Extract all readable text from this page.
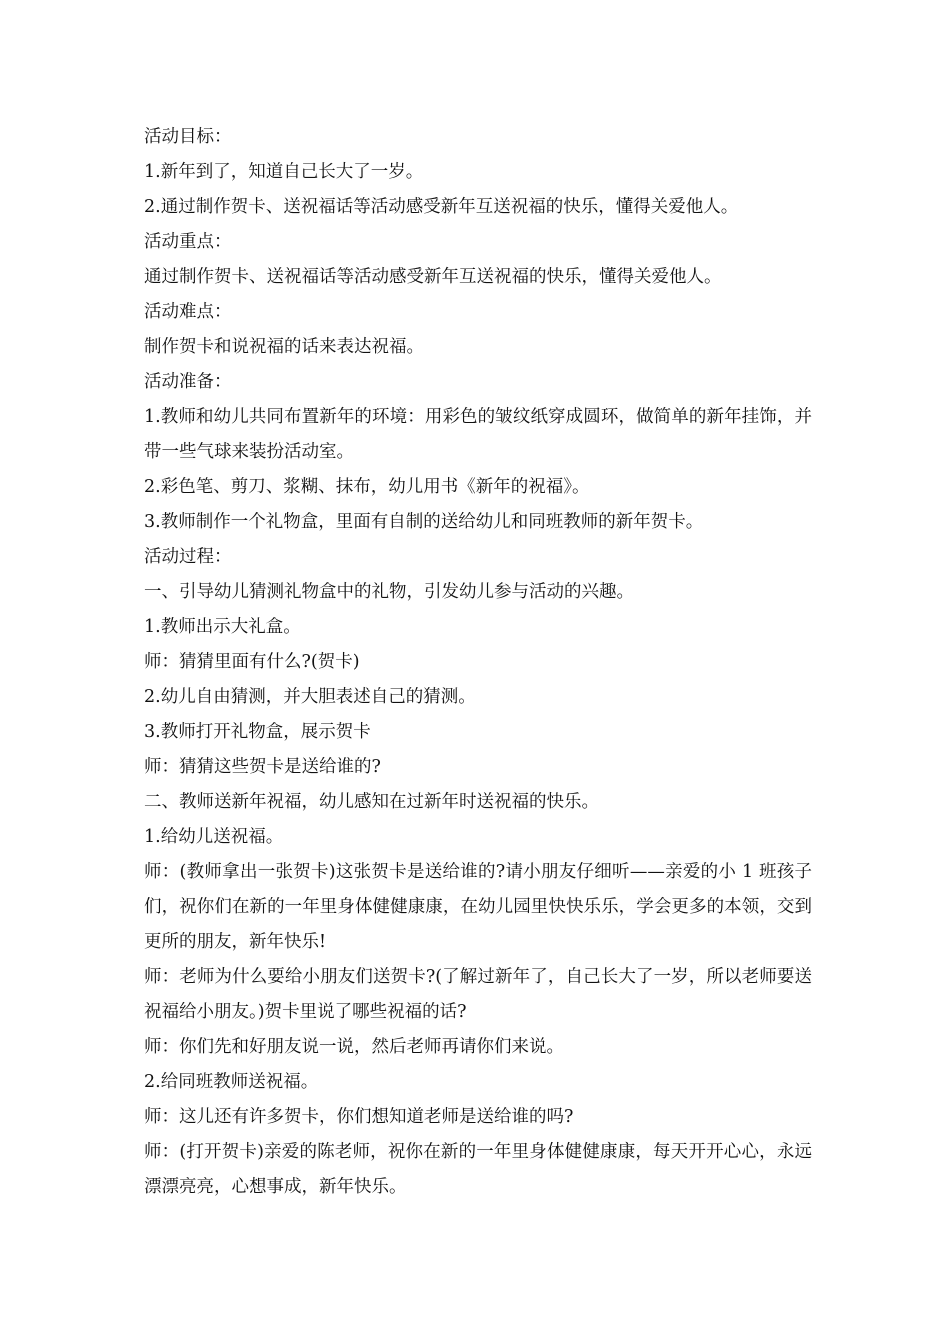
活动目标：

1.新年到了，知道自己长大了一岁。

2.通过制作贺卡、送祝福话等活动感受新年互送祝福的快乐，懂得关爱他人。

活动重点：

通过制作贺卡、送祝福话等活动感受新年互送祝福的快乐，懂得关爱他人。

活动难点：

制作贺卡和说祝福的话来表达祝福。

活动准备：

1.教师和幼儿共同布置新年的环境：用彩色的皱纹纸穿成圆环，做简单的新年挂饰，并带一些气球来装扮活动室。

2.彩色笔、剪刀、浆糊、抹布，幼儿用书《新年的祝福》。

3.教师制作一个礼物盒，里面有自制的送给幼儿和同班教师的新年贺卡。

活动过程：

一、引导幼儿猜测礼物盒中的礼物，引发幼儿参与活动的兴趣。

1.教师出示大礼盒。

师：猜猜里面有什么?(贺卡)

2.幼儿自由猜测，并大胆表述自己的猜测。

3.教师打开礼物盒，展示贺卡

师：猜猜这些贺卡是送给谁的?

二、教师送新年祝福，幼儿感知在过新年时送祝福的快乐。

1.给幼儿送祝福。

师：(教师拿出一张贺卡)这张贺卡是送给谁的?请小朋友仔细听——亲爱的小 1 班孩子们，祝你们在新的一年里身体健健康康，在幼儿园里快快乐乐，学会更多的本领，交到更所的朋友，新年快乐!

师：老师为什么要给小朋友们送贺卡?(了解过新年了，自己长大了一岁，所以老师要送祝福给小朋友。)贺卡里说了哪些祝福的话?

师：你们先和好朋友说一说，然后老师再请你们来说。

2.给同班教师送祝福。

师：这儿还有许多贺卡，你们想知道老师是送给谁的吗?

师：(打开贺卡)亲爱的陈老师，祝你在新的一年里身体健健康康，每天开开心心，永远漂漂亮亮，心想事成，新年快乐。
